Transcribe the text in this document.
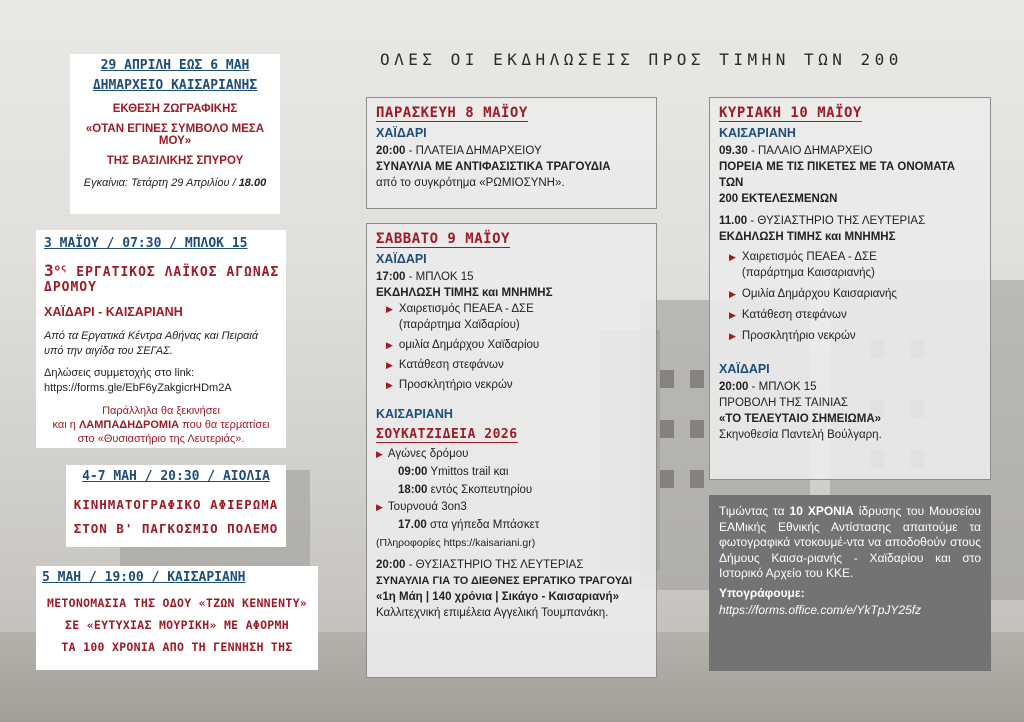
ΟΛΕΣ ΟΙ ΕΚΔΗΛΩΣΕΙΣ ΠΡΟΣ ΤΙΜΗΝ ΤΩΝ 200
29 ΑΠΡΙΛΗ ΕΩΣ 6 ΜΑΗ
ΔΗΜΑΡΧΕΙΟ ΚΑΙΣΑΡΙΑΝΗΣ
ΕΚΘΕΣΗ ΖΩΓΡΑΦΙΚΗΣ
«ΟΤΑΝ ΕΓΙΝΕΣ ΣΥΜΒΟΛΟ ΜΕΣΑ ΜΟΥ»
ΤΗΣ ΒΑΣΙΛΙΚΗΣ ΣΠΥΡΟΥ
Εγκαίνια: Τετάρτη 29 Απριλίου / 18.00
3 ΜΑΪΟΥ / 07:30 / ΜΠΛΟΚ 15
$3^{o\varsigma}$ ΕΡΓΑΤΙΚΟΣ ΛΑΪΚΟΣ ΑΓΩΝΑΣ ΔΡΟΜΟΥ
ΧΑΪΔΑΡΙ - ΚΑΙΣΑΡΙΑΝΗ
Από τα Εργατικά Κέντρα Αθήνας και Πειραιά
υπό την αιγίδα του ΣΕΓΑΣ.
Δηλώσεις συμμετοχής στο link:
https://forms.gle/EbF6yZakgicrHDm2A
Παράλληλα θα ξεκινήσει
και η ΛΑΜΠΑΔΗΔΡΟΜΙΑ που θα τερματίσει
στο «Θυσιαστήριο της Λευτεριάς».
4-7 ΜΑΗ / 20:30 / ΑΙΟΛΙΑ
ΚΙΝΗΜΑΤΟΓΡΑΦΙΚΟ ΑΦΙΕΡΩΜΑ
ΣΤΟΝ Β' ΠΑΓΚΟΣΜΙΟ ΠΟΛΕΜΟ
5 ΜΑΗ / 19:00 / ΚΑΙΣΑΡΙΑΝΗ
ΜΕΤΟΝΟΜΑΣΙΑ ΤΗΣ ΟΔΟΥ «ΤΖΩΝ ΚΕΝΝΕΝΤΥ»
ΣΕ «ΕΥΤΥΧΙΑΣ ΜΟΥΡΙΚΗ» ΜΕ ΑΦΟΡΜΗ
ΤΑ 100 ΧΡΟΝΙΑ ΑΠΟ ΤΗ ΓΕΝΝΗΣΗ ΤΗΣ
ΠΑΡΑΣΚΕΥΗ 8 ΜΑΪΟΥ
ΧΑΪΔΑΡΙ
20:00 - ΠΛΑΤΕΙΑ ΔΗΜΑΡΧΕΙΟΥ
ΣΥΝΑΥΛΙΑ ΜΕ ΑΝΤΙΦΑΣΙΣΤΙΚΑ ΤΡΑΓΟΥΔΙΑ
από το συγκρότημα «ΡΩΜΙΟΣΥΝΗ».
ΣΑΒΒΑΤΟ 9 ΜΑΪΟΥ
ΧΑΪΔΑΡΙ
17:00 - ΜΠΛΟΚ 15
ΕΚΔΗΛΩΣΗ ΤΙΜΗΣ και ΜΝΗΜΗΣ
▶ Χαιρετισμός ΠΕΑΕΑ - ΔΣΕ
(παράρτημα Χαϊδαρίου)
▶ ομιλία Δημάρχου Χαϊδαρίου
▶ Κατάθεση στεφάνων
▶ Προσκλητήριο νεκρών
ΚΑΙΣΑΡΙΑΝΗ
ΣΟΥΚΑΤΖΙΔΕΙΑ 2026
▶ Αγώνες δρόμου
09:00 Ymittos trail και
18:00 εντός Σκοπευτηρίου
▶ Τουρνουά 3on3
17.00 στα γήπεδα Μπάσκετ
(Πληροφορίες https://kaisariani.gr)
20:00 - ΘΥΣΙΑΣΤΗΡΙΟ ΤΗΣ ΛΕΥΤΕΡΙΑΣ
ΣΥΝΑΥΛΙΑ ΓΙΑ ΤΟ ΔΙΕΘΝΕΣ ΕΡΓΑΤΙΚΟ ΤΡΑΓΟΥΔΙ
«1η Μάη | 140 χρόνια | Σικάγο - Καισαριανή»
Καλλιτεχνική επιμέλεια Αγγελική Τουμπανάκη.
ΚΥΡΙΑΚΗ 10 ΜΑΪΟΥ
ΚΑΙΣΑΡΙΑΝΗ
09.30 - ΠΑΛΑΙΟ ΔΗΜΑΡΧΕΙΟ
ΠΟΡΕΙΑ ΜΕ ΤΙΣ ΠΙΚΕΤΕΣ ΜΕ ΤΑ ΟΝΟΜΑΤΑ ΤΩΝ
200 ΕΚΤΕΛΕΣΜΕΝΩΝ
11.00 - ΘΥΣΙΑΣΤΗΡΙΟ ΤΗΣ ΛΕΥΤΕΡΙΑΣ
ΕΚΔΗΛΩΣΗ ΤΙΜΗΣ και ΜΝΗΜΗΣ
▶ Χαιρετισμός ΠΕΑΕΑ - ΔΣΕ
(παράρτημα Καισαριανής)
▶ Ομιλία Δημάρχου Καισαριανής
▶ Κατάθεση στεφάνων
▶ Προσκλητήριο νεκρών
ΧΑΪΔΑΡΙ
20:00 - ΜΠΛΟΚ 15
ΠΡΟΒΟΛΗ ΤΗΣ ΤΑΙΝΙΑΣ
«ΤΟ ΤΕΛΕΥΤΑΙΟ ΣΗΜΕΙΩΜΑ»
Σκηνοθεσία Παντελή Βούλγαρη.
Τιμώντας τα 10 ΧΡΟΝΙΑ ίδρυσης του Μουσείου ΕΑΜικής Εθνικής Αντίστασης απαιτούμε τα φωτογραφικά ντοκουμέ-ντα να αποδοθούν στους Δήμους Καισα-ριανής - Χαϊδαρίου και στο Ιστορικό Αρχείο του ΚΚΕ.
Υπογράφουμε:
https://forms.office.com/e/YkTpJY25fz
